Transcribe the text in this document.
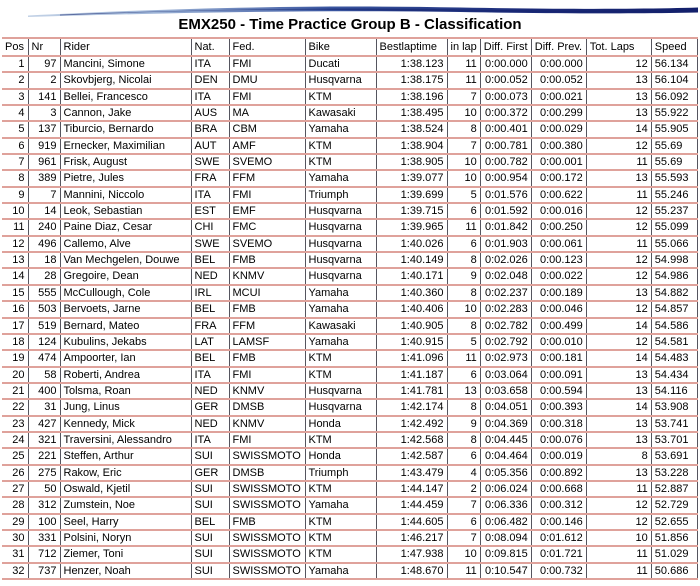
EMX250 - Time Practice Group B - Classification
Pos	Nr	Rider	Nat.	Fed.	Bike	Bestlaptime	in lap	Diff. First	Diff. Prev.	Tot. Laps	Speed
1	97	Mancini, Simone	ITA	FMI	Ducati	1:38.123	11	0:00.000	0:00.000	12	56.134
2	2	Skovbjerg, Nicolai	DEN	DMU	Husqvarna	1:38.175	11	0:00.052	0:00.052	13	56.104
3	141	Bellei, Francesco	ITA	FMI	KTM	1:38.196	7	0:00.073	0:00.021	13	56.092
4	3	Cannon, Jake	AUS	MA	Kawasaki	1:38.495	10	0:00.372	0:00.299	13	55.922
5	137	Tiburcio, Bernardo	BRA	CBM	Yamaha	1:38.524	8	0:00.401	0:00.029	14	55.905
6	919	Ernecker, Maximilian	AUT	AMF	KTM	1:38.904	7	0:00.781	0:00.380	12	55.69
7	961	Frisk, August	SWE	SVEMO	KTM	1:38.905	10	0:00.782	0:00.001	11	55.69
8	389	Pietre, Jules	FRA	FFM	Yamaha	1:39.077	10	0:00.954	0:00.172	13	55.593
9	7	Mannini, Niccolo	ITA	FMI	Triumph	1:39.699	5	0:01.576	0:00.622	11	55.246
10	14	Leok, Sebastian	EST	EMF	Husqvarna	1:39.715	6	0:01.592	0:00.016	12	55.237
11	240	Paine Diaz, Cesar	CHI	FMC	Husqvarna	1:39.965	11	0:01.842	0:00.250	12	55.099
12	496	Callemo, Alve	SWE	SVEMO	Husqvarna	1:40.026	6	0:01.903	0:00.061	11	55.066
13	18	Van Mechgelen, Douwe	BEL	FMB	Husqvarna	1:40.149	8	0:02.026	0:00.123	12	54.998
14	28	Gregoire, Dean	NED	KNMV	Husqvarna	1:40.171	9	0:02.048	0:00.022	12	54.986
15	555	McCullough, Cole	IRL	MCUI	Yamaha	1:40.360	8	0:02.237	0:00.189	13	54.882
16	503	Bervoets, Jarne	BEL	FMB	Yamaha	1:40.406	10	0:02.283	0:00.046	12	54.857
17	519	Bernard, Mateo	FRA	FFM	Kawasaki	1:40.905	8	0:02.782	0:00.499	14	54.586
18	124	Kubulins, Jekabs	LAT	LAMSF	Yamaha	1:40.915	5	0:02.792	0:00.010	12	54.581
19	474	Ampoorter, Ian	BEL	FMB	KTM	1:41.096	11	0:02.973	0:00.181	14	54.483
20	58	Roberti, Andrea	ITA	FMI	KTM	1:41.187	6	0:03.064	0:00.091	13	54.434
21	400	Tolsma, Roan	NED	KNMV	Husqvarna	1:41.781	13	0:03.658	0:00.594	13	54.116
22	31	Jung, Linus	GER	DMSB	Husqvarna	1:42.174	8	0:04.051	0:00.393	14	53.908
23	427	Kennedy, Mick	NED	KNMV	Honda	1:42.492	9	0:04.369	0:00.318	13	53.741
24	321	Traversini, Alessandro	ITA	FMI	KTM	1:42.568	8	0:04.445	0:00.076	13	53.701
25	221	Steffen, Arthur	SUI	SWISSMOTO	Honda	1:42.587	6	0:04.464	0:00.019	8	53.691
26	275	Rakow, Eric	GER	DMSB	Triumph	1:43.479	4	0:05.356	0:00.892	13	53.228
27	50	Oswald, Kjetil	SUI	SWISSMOTO	KTM	1:44.147	2	0:06.024	0:00.668	11	52.887
28	312	Zumstein, Noe	SUI	SWISSMOTO	Yamaha	1:44.459	7	0:06.336	0:00.312	12	52.729
29	100	Seel, Harry	BEL	FMB	KTM	1:44.605	6	0:06.482	0:00.146	12	52.655
30	331	Polsini, Noryn	SUI	SWISSMOTO	KTM	1:46.217	7	0:08.094	0:01.612	10	51.856
31	712	Ziemer, Toni	SUI	SWISSMOTO	KTM	1:47.938	10	0:09.815	0:01.721	11	51.029
32	737	Henzer, Noah	SUI	SWISSMOTO	Yamaha	1:48.670	11	0:10.547	0:00.732	11	50.686
